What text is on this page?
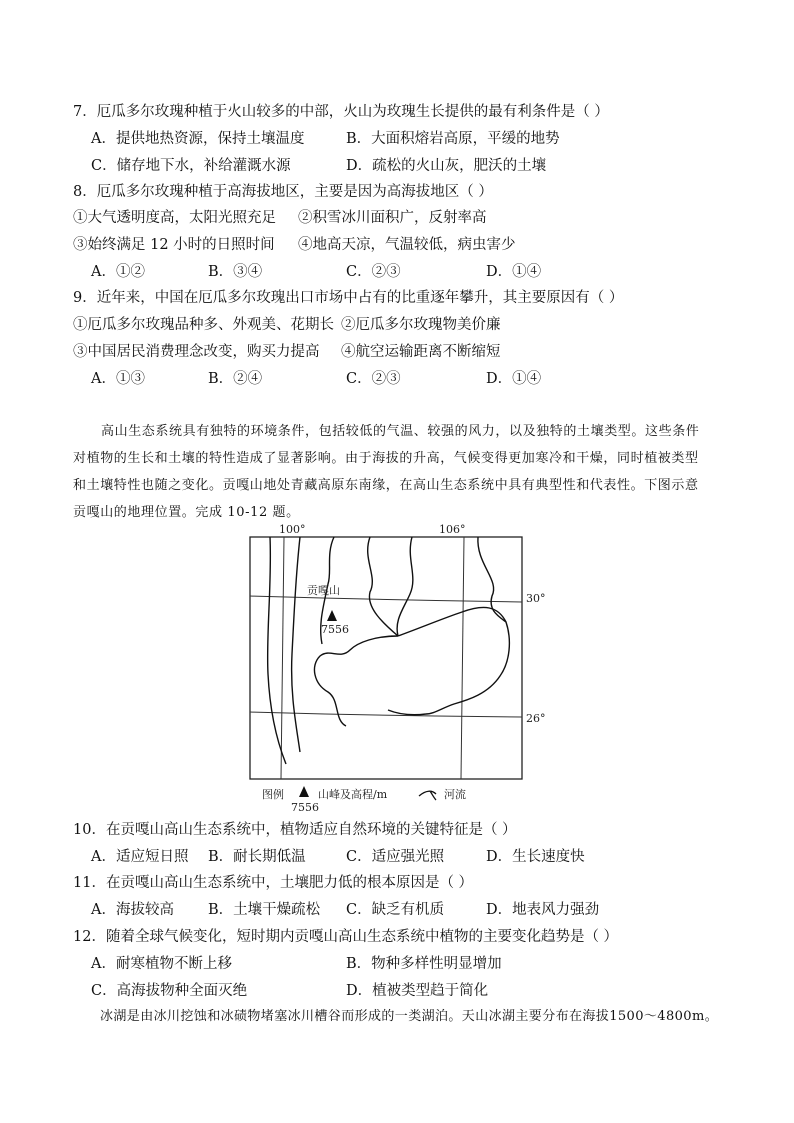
7．厄瓜多尔玫瑰种植于火山较多的中部，火山为玫瑰生长提供的最有利条件是（ ）
A．提供地热资源，保持土壤温度	B．大面积熔岩高原，平缓的地势
C．储存地下水，补给灌溉水源	D．疏松的火山灰，肥沃的土壤
8．厄瓜多尔玫瑰种植于高海拔地区，主要是因为高海拔地区（ ）
①大气透明度高，太阳光照充足 ②积雪冰川面积广，反射率高
③始终满足 12 小时的日照时间 ④地高天凉，气温较低，病虫害少
A．①②	B．③④	C．②③	D．①④
9．近年来，中国在厄瓜多尔玫瑰出口市场中占有的比重逐年攀升，其主要原因有（ ）
①厄瓜多尔玫瑰品种多、外观美、花期长 ②厄瓜多尔玫瑰物美价廉
③中国居民消费理念改变，购买力提高 ④航空运输距离不断缩短
A．①③	B．②④	C．②③	D．①④

高山生态系统具有独特的环境条件，包括较低的气温、较强的风力，以及独特的土壤类型。这些条件

对植物的生长和土壤的特性造成了显著影响。由于海拔的升高，气候变得更加寒冷和干燥，同时植被类型

和土壤特性也随之变化。贡嘎山地处青藏高原东南缘，在高山生态系统中具有典型性和代表性。下图示意

贡嘎山的地理位置。完成 10-12 题。

贡嘎山
7556
100°	106°
30°
26°
图例
7556
山峰及高程/m	河流
10．在贡嘎山高山生态系统中，植物适应自然环境的关键特征是（ ）
A．适应短日照 B．耐长期低温	C．适应强光照	D．生长速度快
11．在贡嘎山高山生态系统中，土壤肥力低的根本原因是（ ）
A．海拔较高 B．土壤干燥疏松 C．缺乏有机质	D．地表风力强劲
12．随着全球气候变化，短时期内贡嘎山高山生态系统中植物的主要变化趋势是（ ）
A．耐寒植物不断上移	B．物种多样性明显增加
C．高海拔物种全面灭绝	D．植被类型趋于简化
冰湖是由冰川挖蚀和冰碛物堵塞冰川槽谷而形成的一类湖泊。天山冰湖主要分布在海拔1500～4800m。
